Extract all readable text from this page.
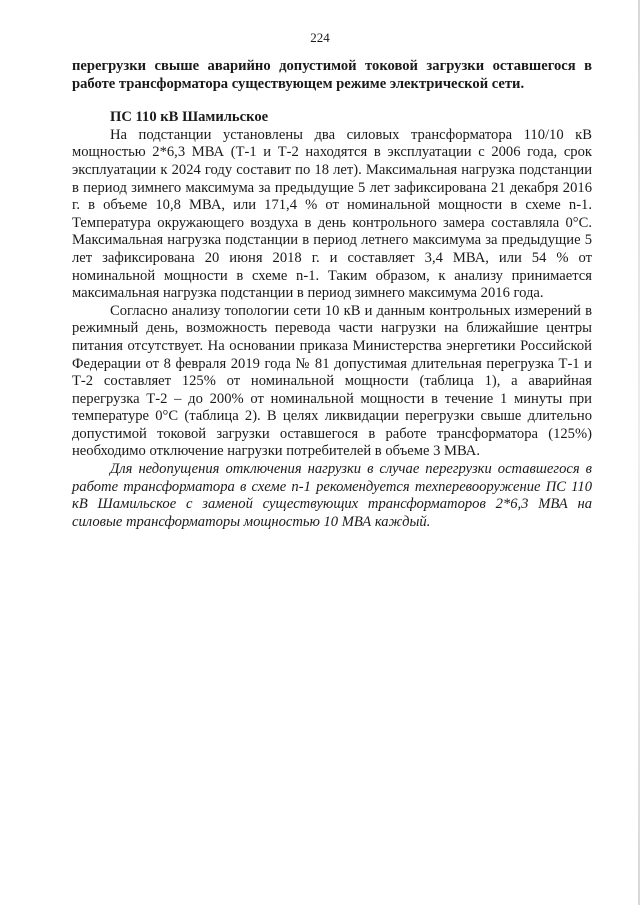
224

перегрузки свыше аварийно допустимой токовой загрузки оставшегося в работе трансформатора существующем режиме электрической сети.

ПС 110 кВ Шамильское

На подстанции установлены два силовых трансформатора 110/10 кВ мощностью 2*6,3 МВА (Т-1 и Т-2 находятся в эксплуатации с 2006 года, срок эксплуатации к 2024 году составит по 18 лет). Максимальная нагрузка подстанции в период зимнего максимума за предыдущие 5 лет зафиксирована 21 декабря 2016 г. в объеме 10,8 МВА, или 171,4 % от номинальной мощности в схеме n-1. Температура окружающего воздуха в день контрольного замера составляла 0°С. Максимальная нагрузка подстанции в период летнего максимума за предыдущие 5 лет зафиксирована 20 июня 2018 г. и составляет 3,4 МВА, или 54 % от номинальной мощности в схеме n-1. Таким образом, к анализу принимается максимальная нагрузка подстанции в период зимнего максимума 2016 года.

Согласно анализу топологии сети 10 кВ и данным контрольных измерений в режимный день, возможность перевода части нагрузки на ближайшие центры питания отсутствует. На основании приказа Министерства энергетики Российской Федерации от 8 февраля 2019 года № 81 допустимая длительная перегрузка Т-1 и Т-2 составляет 125% от номинальной мощности (таблица 1), а аварийная перегрузка Т-2 – до 200% от номинальной мощности в течение 1 минуты при температуре 0°С (таблица 2). В целях ликвидации перегрузки свыше длительно допустимой токовой загрузки оставшегося в работе трансформатора (125%) необходимо отключение нагрузки потребителей в объеме 3 МВА.

Для недопущения отключения нагрузки в случае перегрузки оставшегося в работе трансформатора в схеме n-1 рекомендуется техперевооружение ПС 110 кВ Шамильское с заменой существующих трансформаторов 2*6,3 МВА на силовые трансформаторы мощностью 10 МВА каждый.
